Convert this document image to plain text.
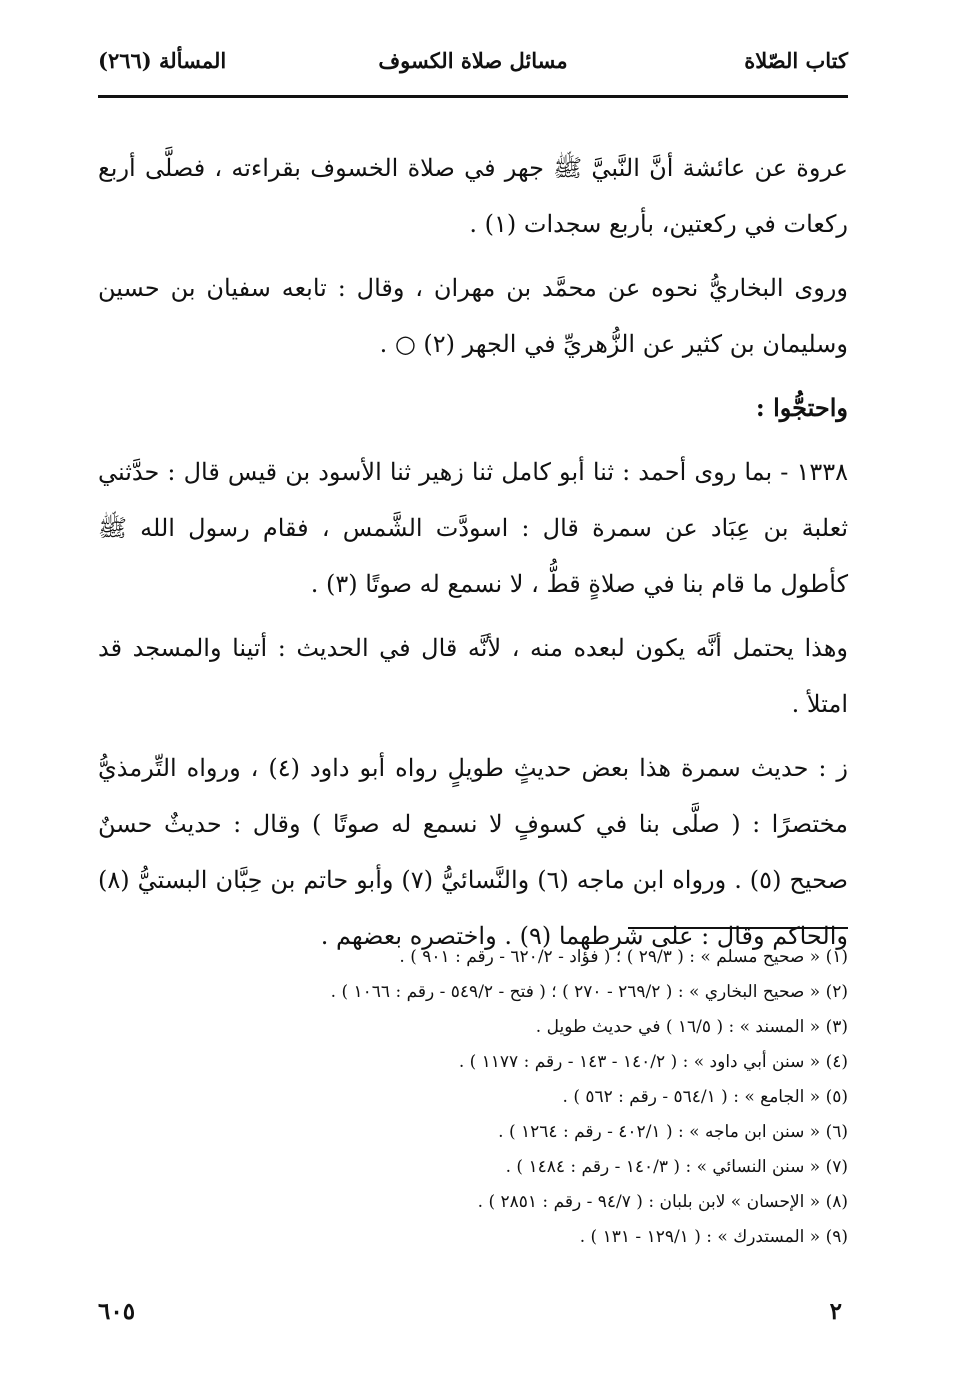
كتاب الصّلاة
مسائل صلاة الكسوف
المسألة (٢٦٦)

عروة عن عائشة أنَّ النَّبيَّ ﷺ جهر في صلاة الخسوف بقراءته ، فصلَّى أربع ركعات في ركعتين، بأربع سجدات (١) .

وروى البخاريُّ نحوه عن محمَّد بن مهران ، وقال : تابعه سفيان بن حسين وسليمان بن كثير عن الزُّهريِّ في الجهر (٢) ○ .

واحتجُّوا :

١٣٣٨ - بما روى أحمد : ثنا أبو كامل ثنا زهير ثنا الأسود بن قيس قال : حدَّثني ثعلبة بن عِبَاد عن سمرة قال : اسودَّت الشَّمس ، فقام رسول الله ﷺ كأطول ما قام بنا في صلاةٍ قطُّ ، لا نسمع له صوتًا (٣) .

وهذا يحتمل أنَّه يكون لبعده منه ، لأنَّه قال في الحديث : أتينا والمسجد قد امتلأ .

ز : حديث سمرة هذا بعض حديثٍ طويلٍ رواه أبو داود (٤) ، ورواه التِّرمذيُّ مختصرًا : ( صلَّى بنا في كسوفٍ لا نسمع له صوتًا ) وقال : حديثٌ حسنٌ صحيح (٥) . ورواه ابن ماجه (٦) والنَّسائيُّ (٧) وأبو حاتم بن حِبَّان البستيُّ (٨) والحاكم وقال : على شرطهما (٩) . واختصره بعضهم .

(١) « صحيح مسلم » : ( ٢٩/٣ ) ؛ ( فؤاد - ٦٢٠/٢ - رقم : ٩٠١ ) .
(٢) « صحيح البخاري » : ( ٢٦٩/٢ - ٢٧٠ ) ؛ ( فتح - ٥٤٩/٢ - رقم : ١٠٦٦ ) .
(٣) « المسند » : ( ١٦/٥ ) في حديث طويل .
(٤) « سنن أبي داود » : ( ١٤٠/٢ - ١٤٣ - رقم : ١١٧٧ ) .
(٥) « الجامع » : ( ٥٦٤/١ - رقم : ٥٦٢ ) .
(٦) « سنن ابن ماجه » : ( ٤٠٢/١ - رقم : ١٢٦٤ ) .
(٧) « سنن النسائي » : ( ١٤٠/٣ - رقم : ١٤٨٤ ) .
(٨) « الإحسان » لابن بلبان : ( ٩٤/٧ - رقم : ٢٨٥١ ) .
(٩) « المستدرك » : ( ١٢٩/١ - ١٣١ ) .
٦٠٥	٢
